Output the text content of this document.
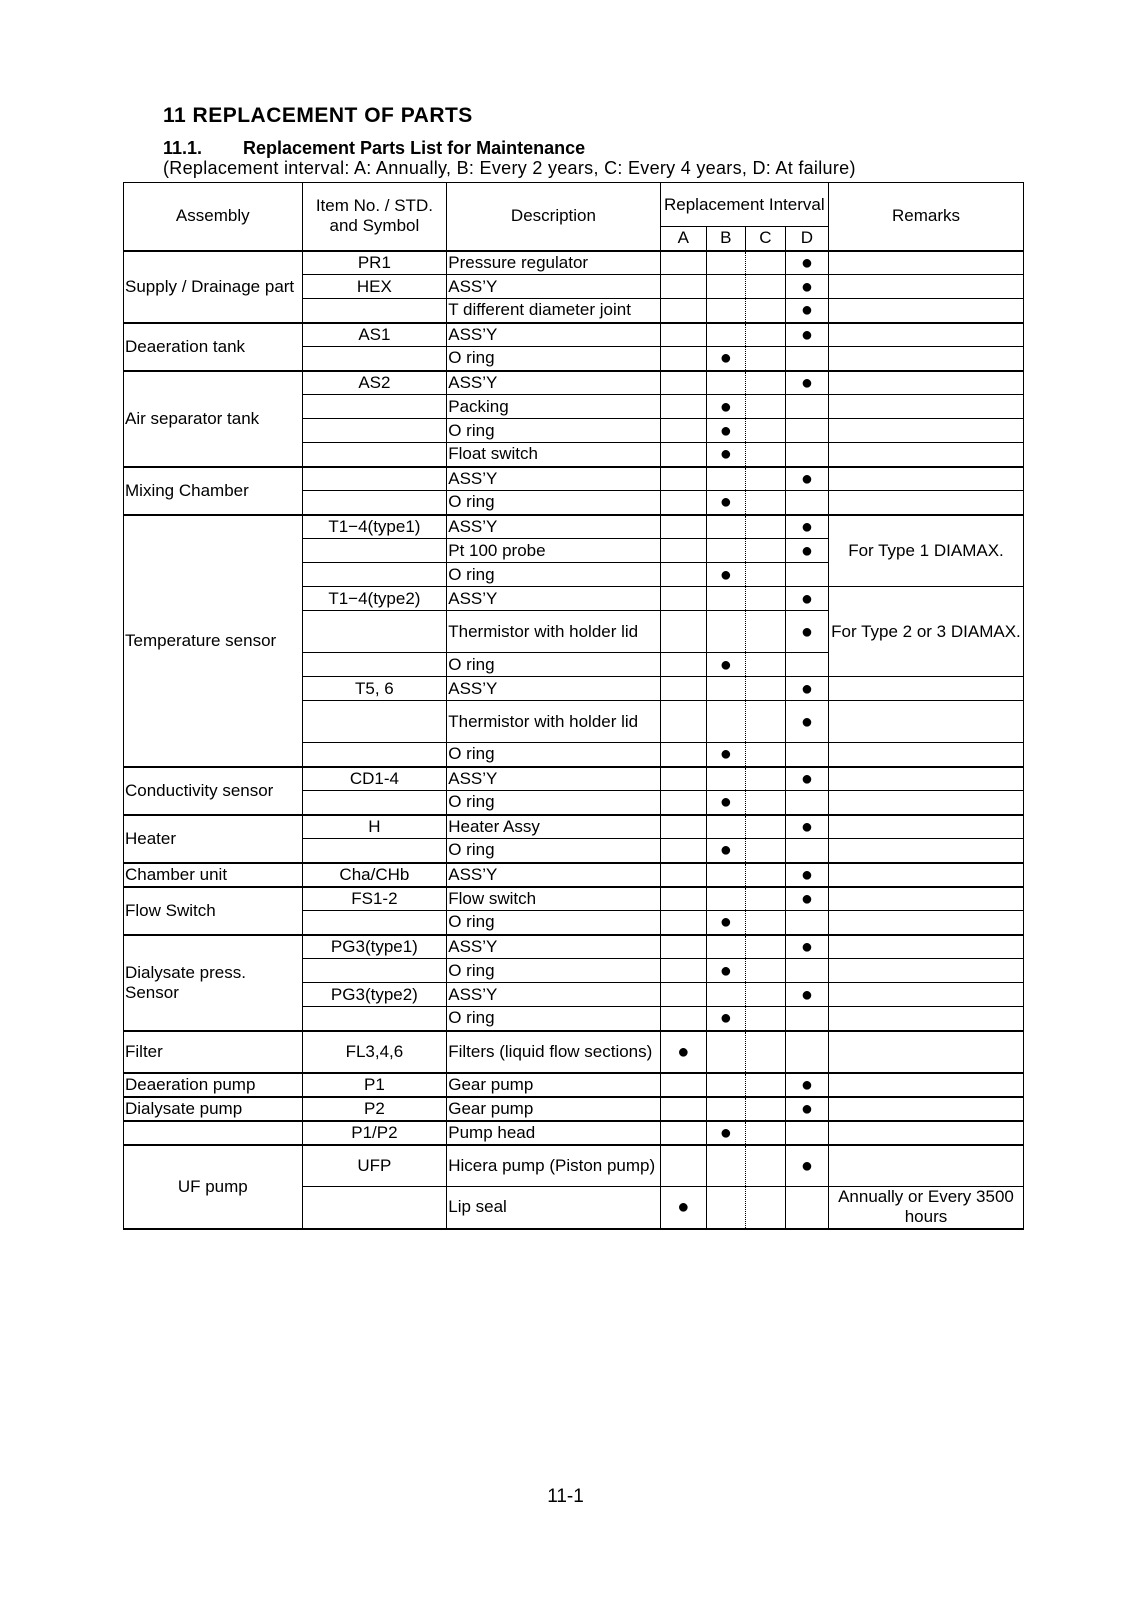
11 REPLACEMENT OF PARTS
11.1. Replacement Parts List for Maintenance
(Replacement interval: A: Annually, B: Every 2 years, C: Every 4 years, D: At failure)
Assembly	Item No. / STD. and Symbol	Description	Replacement Interval				Remarks
			A	B	C	D	
Supply / Drainage part	PR1	Pressure regulator				●	
	HEX	ASS’Y				●	
		T different diameter joint				●	
Deaeration tank	AS1	ASS’Y				●	
		O ring		●			
Air separator tank	AS2	ASS’Y				●	
		Packing		●			
		O ring		●			
		Float switch		●			
Mixing Chamber		ASS’Y				●	
		O ring		●			
Temperature sensor	T1−4(type1)	ASS’Y				●	For Type 1 DIAMAX.
		Pt 100 probe				●	
		O ring		●			
	T1−4(type2)	ASS’Y				●	For Type 2 or 3 DIAMAX.
		Thermistor with holder lid				●	
		O ring		●			
	T5, 6	ASS’Y				●	
		Thermistor with holder lid				●	
		O ring		●			
Conductivity sensor	CD1-4	ASS’Y				●	
		O ring		●			
Heater	H	Heater Assy				●	
		O ring		●			
Chamber unit	Cha/CHb	ASS’Y				●	
Flow Switch	FS1-2	Flow switch				●	
		O ring		●			
Dialysate press. Sensor	PG3(type1)	ASS’Y				●	
		O ring		●			
	PG3(type2)	ASS’Y				●	
		O ring		●			
Filter	FL3,4,6	Filters (liquid flow sections)	●				
Deaeration pump	P1	Gear pump				●	
Dialysate pump	P2	Gear pump				●	
	P1/P2	Pump head		●			
UF pump	UFP	Hicera pump (Piston pump)				●	
		Lip seal	●				Annually or Every 3500 hours
11-1
